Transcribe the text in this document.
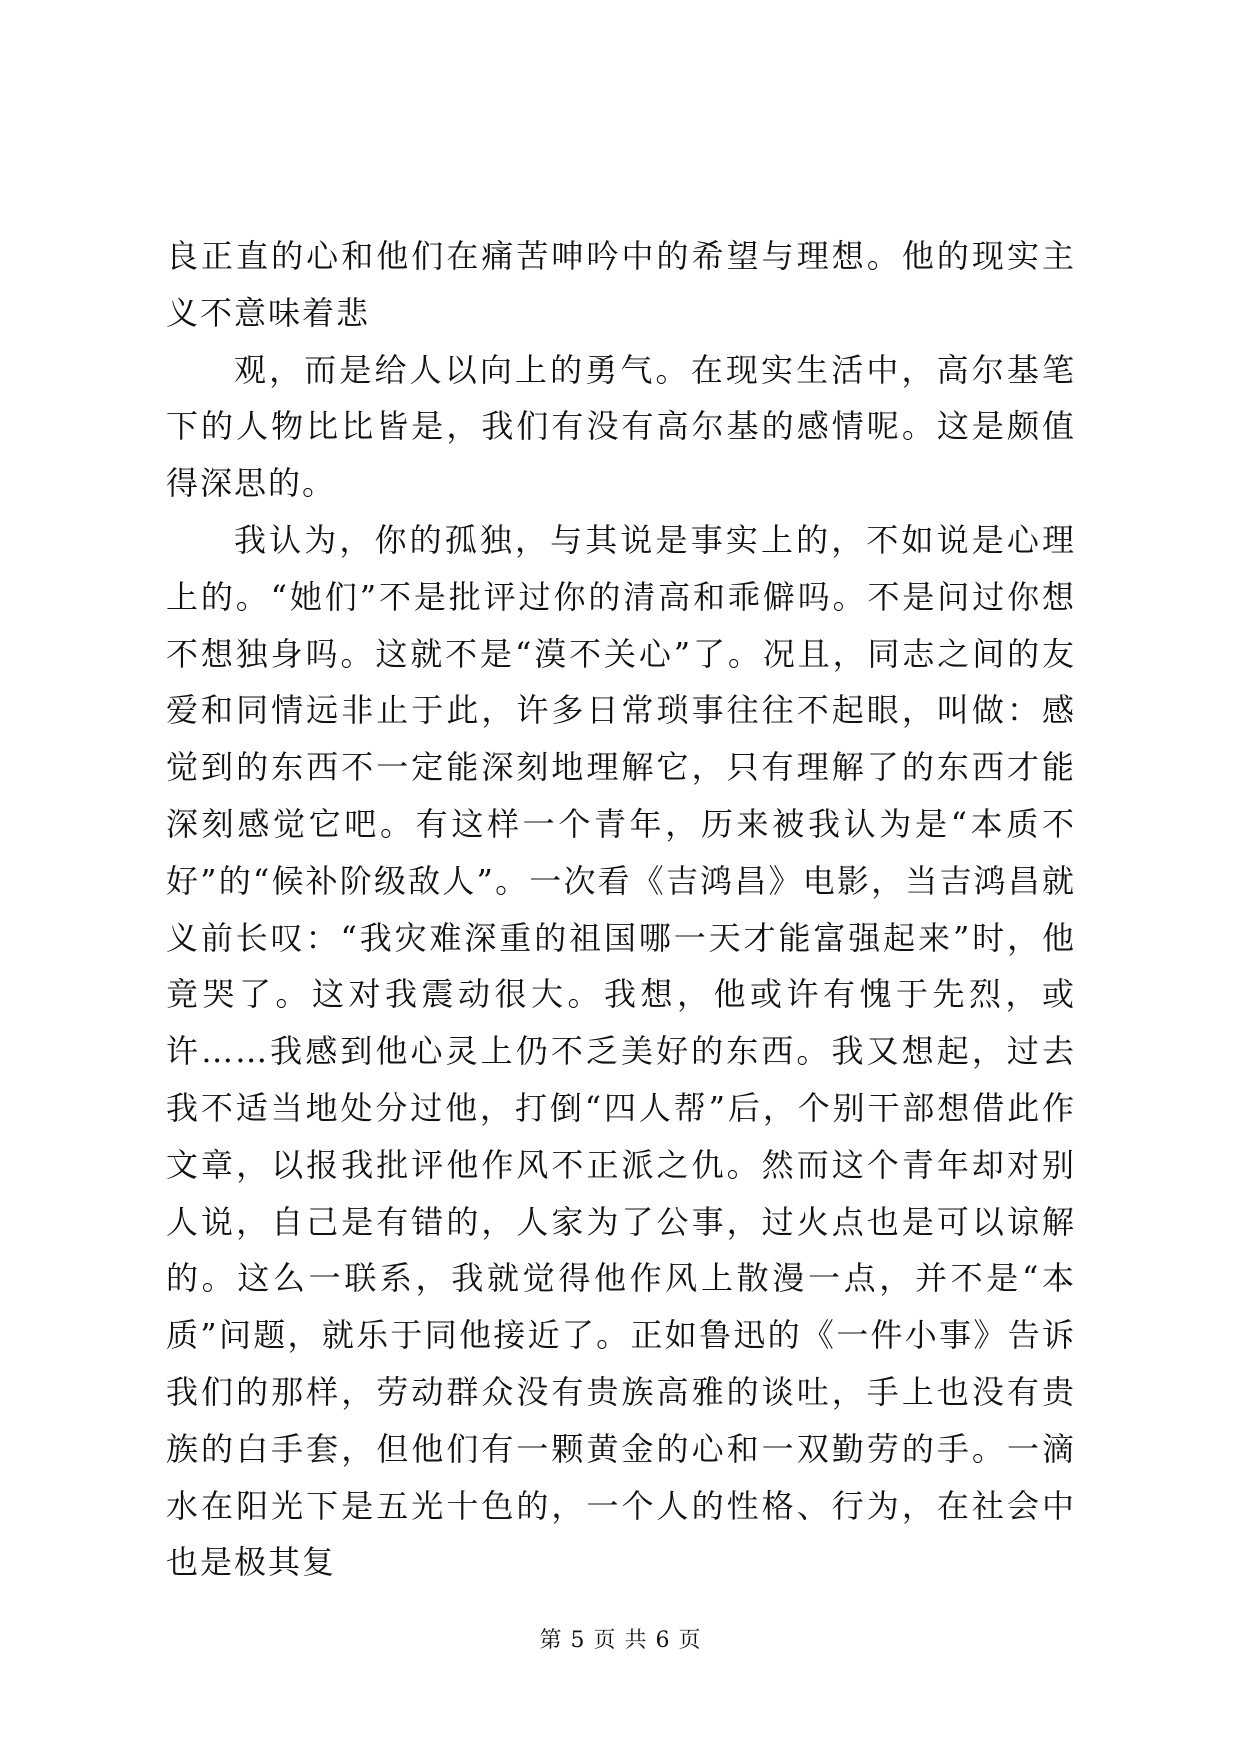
良正直的心和他们在痛苦呻吟中的希望与理想。他的现实主义不意味着悲

观，而是给人以向上的勇气。在现实生活中，高尔基笔下的人物比比皆是，我们有没有高尔基的感情呢。这是颇值得深思的。

我认为，你的孤独，与其说是事实上的，不如说是心理上的。“她们”不是批评过你的清高和乖僻吗。不是问过你想不想独身吗。这就不是“漠不关心”了。况且，同志之间的友爱和同情远非止于此，许多日常琐事往往不起眼，叫做：感觉到的东西不一定能深刻地理解它，只有理解了的东西才能深刻感觉它吧。有这样一个青年，历来被我认为是“本质不好”的“候补阶级敌人”。一次看《吉鸿昌》电影，当吉鸿昌就义前长叹：“我灾难深重的祖国哪一天才能富强起来”时，他竟哭了。这对我震动很大。我想，他或许有愧于先烈，或许……我感到他心灵上仍不乏美好的东西。我又想起，过去我不适当地处分过他，打倒“四人帮”后，个别干部想借此作文章，以报我批评他作风不正派之仇。然而这个青年却对别人说，自己是有错的，人家为了公事，过火点也是可以谅解的。这么一联系，我就觉得他作风上散漫一点，并不是“本质”问题，就乐于同他接近了。正如鲁迅的《一件小事》告诉我们的那样，劳动群众没有贵族高雅的谈吐，手上也没有贵族的白手套，但他们有一颗黄金的心和一双勤劳的手。一滴水在阳光下是五光十色的，一个人的性格、行为，在社会中也是极其复

第 5 页 共 6 页
